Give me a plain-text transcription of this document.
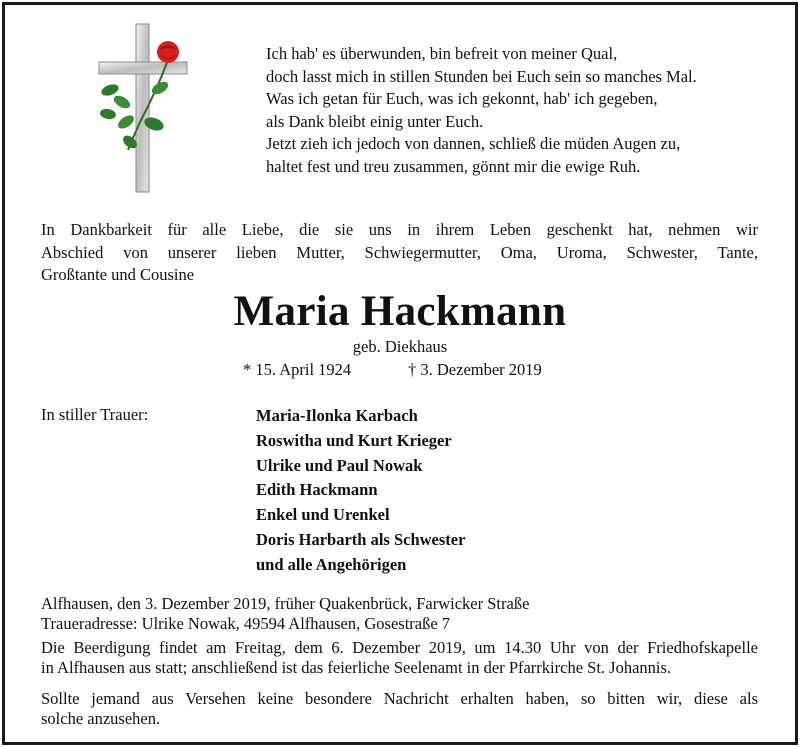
Ich hab' es überwunden, bin befreit von meiner Qual,
doch lasst mich in stillen Stunden bei Euch sein so manches Mal.
Was ich getan für Euch, was ich gekonnt, hab' ich gegeben,
als Dank bleibt einig unter Euch.
Jetzt zieh ich jedoch von dannen, schließ die müden Augen zu,
haltet fest und treu zusammen, gönnt mir die ewige Ruh.
In Dankbarkeit für alle Liebe, die sie uns in ihrem Leben geschenkt hat, nehmen wir
Abschied von unserer lieben Mutter, Schwiegermutter, Oma, Uroma, Schwester, Tante,
Großtante und Cousine
Maria Hackmann
geb. Diekhaus
* 15. April 1924	† 3. Dezember 2019
In stiller Trauer:	Maria-Ilonka Karbach
Roswitha und Kurt Krieger
Ulrike und Paul Nowak
Edith Hackmann
Enkel und Urenkel
Doris Harbarth als Schwester
und alle Angehörigen
Alfhausen, den 3. Dezember 2019, früher Quakenbrück, Farwicker Straße
Traueradresse: Ulrike Nowak, 49594 Alfhausen, Gosestraße 7
Die Beerdigung findet am Freitag, dem 6. Dezember 2019, um 14.30 Uhr von der Friedhofskapelle
in Alfhausen aus statt; anschließend ist das feierliche Seelenamt in der Pfarrkirche St. Johannis.
Sollte jemand aus Versehen keine besondere Nachricht erhalten haben, so bitten wir, diese als
solche anzusehen.
